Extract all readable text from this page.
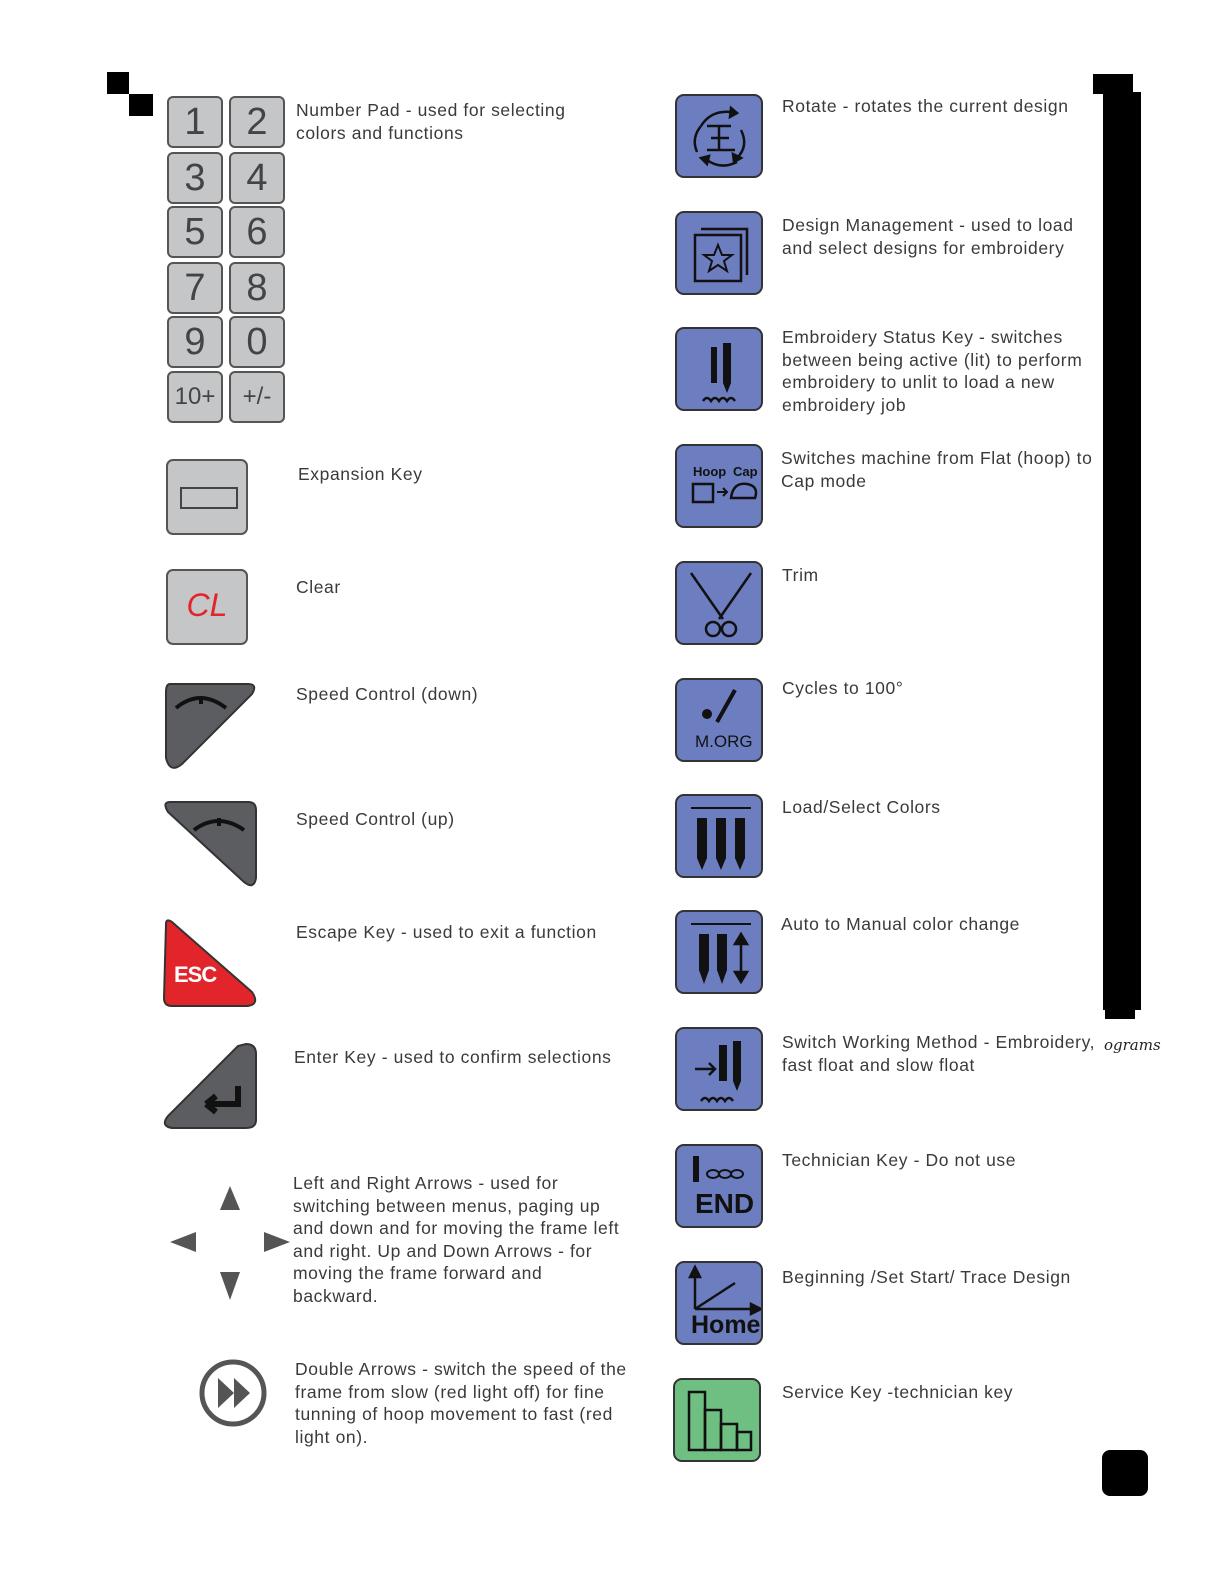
ograms
1	2
3	4
5	6
7	8
9	0
10+	+/-
Number Pad - used for selecting colors and functions
Expansion Key
CL	Clear
Speed Control (down)
Speed Control (up)
ESC
Escape Key - used to exit a function
Enter Key - used to confirm selections
Left and Right Arrows - used for switching between menus, paging up and down and for moving the frame left and right. Up and Down Arrows - for moving the frame forward and backward.
Double Arrows - switch the speed of the frame from slow (red light off) for fine tunning of hoop movement to fast (red light on).
Rotate - rotates the current design
Design Management - used to load and select designs for embroidery
Embroidery Status Key - switches between being active (lit) to perform embroidery to unlit to load a new embroidery job
Hoop Cap
Switches machine from Flat (hoop) to Cap mode
Trim
M.ORG
Cycles to 100°
Load/Select Colors
Auto to Manual color change
Switch Working Method - Embroidery, fast float and slow float
END
Technician Key - Do not use
Home
Beginning /Set Start/ Trace Design
Service Key -technician key
